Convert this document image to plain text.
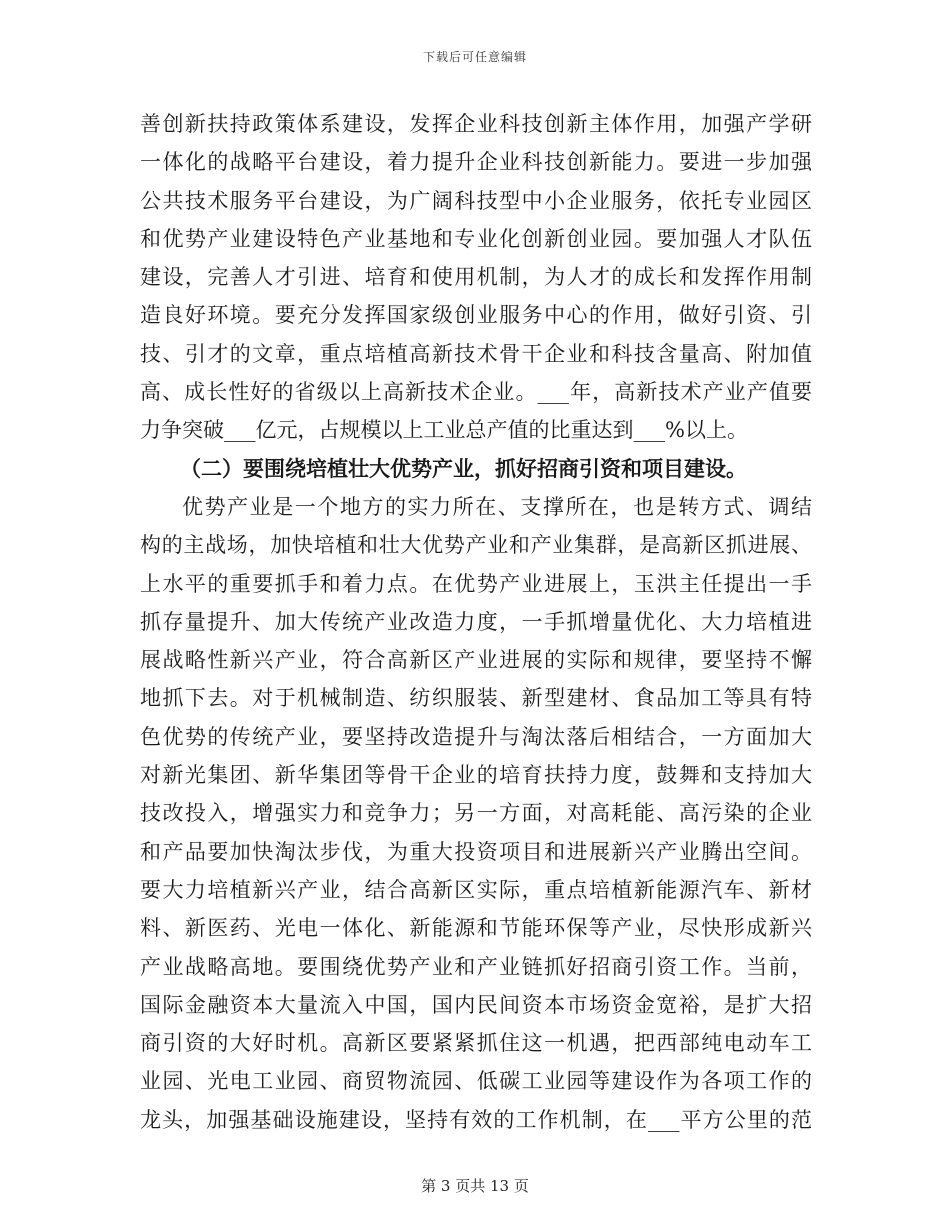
下载后可任意编辑
善创新扶持政策体系建设，发挥企业科技创新主体作用，加强产学研
一体化的战略平台建设，着力提升企业科技创新能力。要进一步加强
公共技术服务平台建设，为广阔科技型中小企业服务，依托专业园区
和优势产业建设特色产业基地和专业化创新创业园。要加强人才队伍
建设，完善人才引进、培育和使用机制，为人才的成长和发挥作用制
造良好环境。要充分发挥国家级创业服务中心的作用，做好引资、引
技、引才的文章，重点培植高新技术骨干企业和科技含量高、附加值
高、成长性好的省级以上高新技术企业。___年，高新技术产业产值要
力争突破___亿元，占规模以上工业总产值的比重达到___%以上。
（二）要围绕培植壮大优势产业，抓好招商引资和项目建设。
优势产业是一个地方的实力所在、支撑所在，也是转方式、调结
构的主战场，加快培植和壮大优势产业和产业集群，是高新区抓进展、
上水平的重要抓手和着力点。在优势产业进展上，玉洪主任提出一手
抓存量提升、加大传统产业改造力度，一手抓增量优化、大力培植进
展战略性新兴产业，符合高新区产业进展的实际和规律，要坚持不懈
地抓下去。对于机械制造、纺织服装、新型建材、食品加工等具有特
色优势的传统产业，要坚持改造提升与淘汰落后相结合，一方面加大
对新光集团、新华集团等骨干企业的培育扶持力度，鼓舞和支持加大
技改投入，增强实力和竞争力；另一方面，对高耗能、高污染的企业
和产品要加快淘汰步伐，为重大投资项目和进展新兴产业腾出空间。
要大力培植新兴产业，结合高新区实际，重点培植新能源汽车、新材
料、新医药、光电一体化、新能源和节能环保等产业，尽快形成新兴
产业战略高地。要围绕优势产业和产业链抓好招商引资工作。当前，
国际金融资本大量流入中国，国内民间资本市场资金宽裕，是扩大招
商引资的大好时机。高新区要紧紧抓住这一机遇，把西部纯电动车工
业园、光电工业园、商贸物流园、低碳工业园等建设作为各项工作的
龙头，加强基础设施建设，坚持有效的工作机制，在___平方公里的范
第 3 页共 13 页
